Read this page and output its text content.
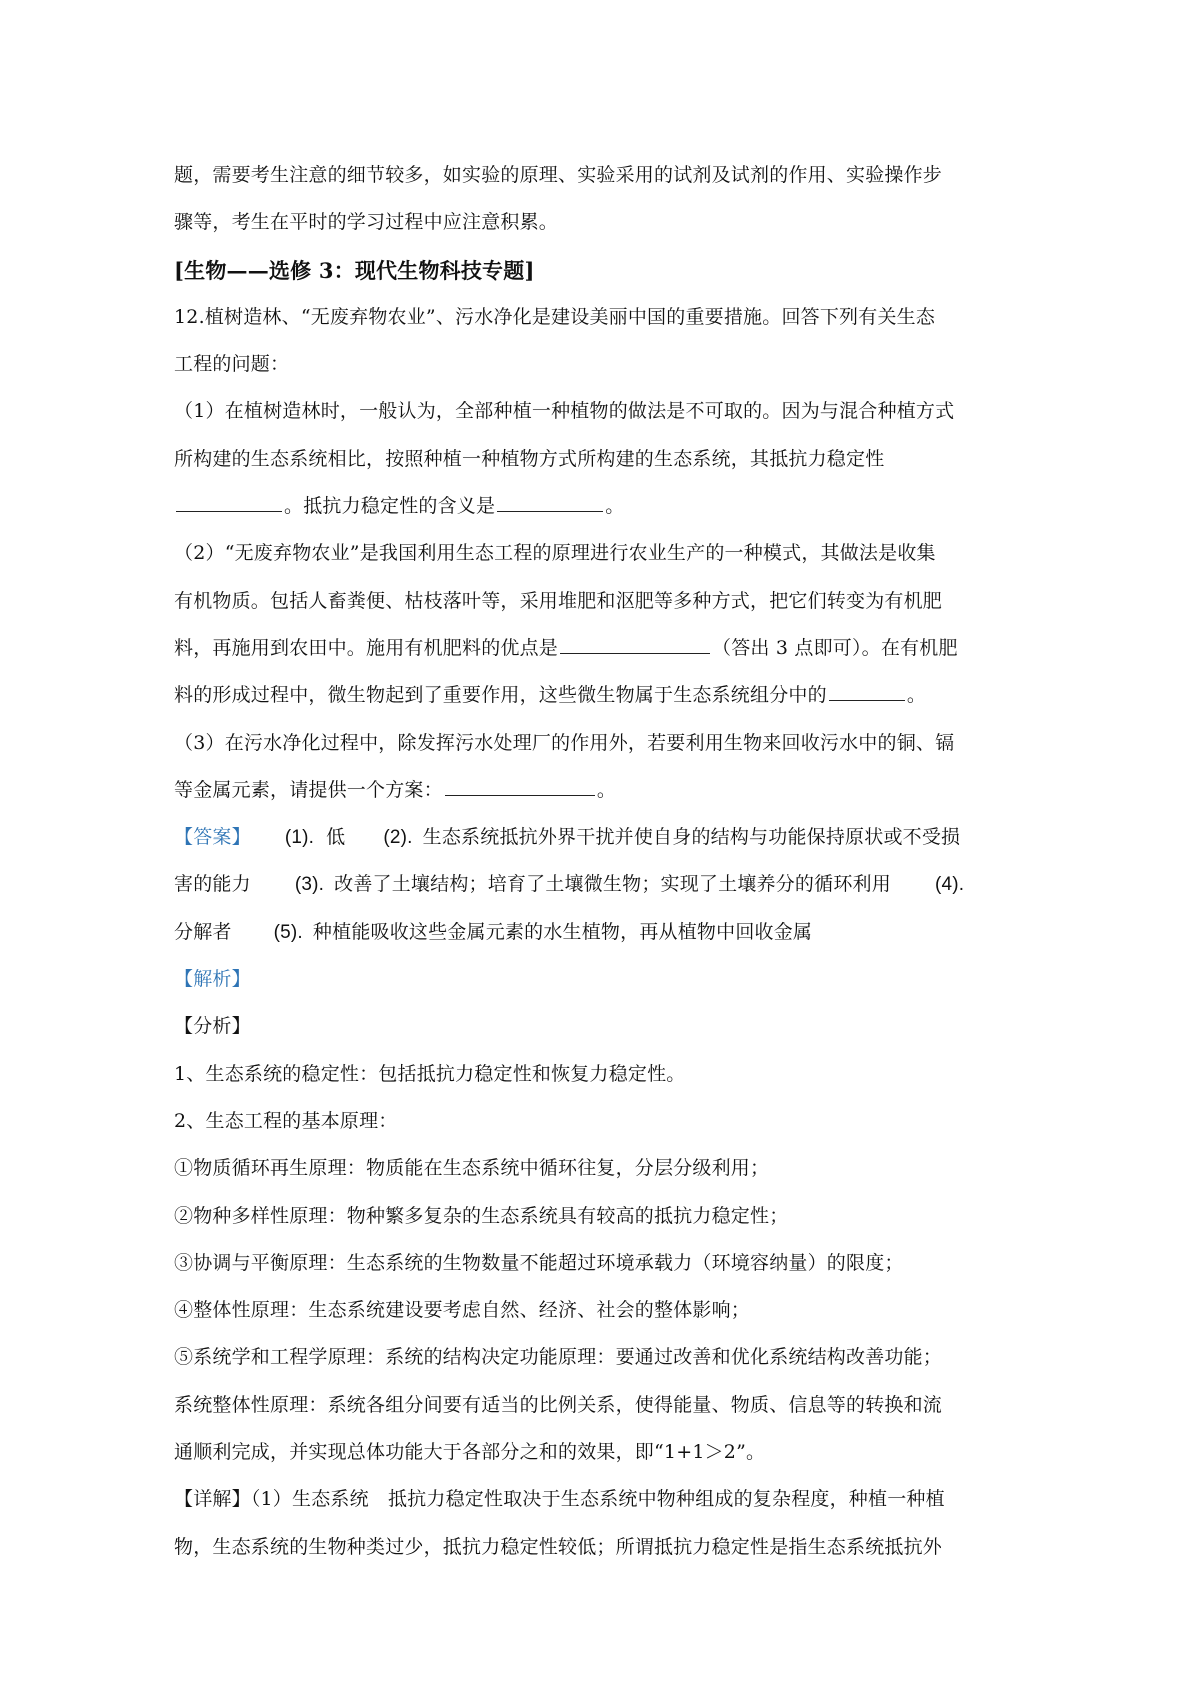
题，需要考生注意的细节较多，如实验的原理、实验采用的试剂及试剂的作用、实验操作步
骤等，考生在平时的学习过程中应注意积累。
[生物——选修 3：现代生物科技专题]
12.植树造林、“无废弃物农业”、污水净化是建设美丽中国的重要措施。回答下列有关生态
工程的问题：
（1）在植树造林时，一般认为，全部种植一种植物的做法是不可取的。因为与混合种植方式
所构建的生态系统相比，按照种植一种植物方式所构建的生态系统，其抵抗力稳定性
。抵抗力稳定性的含义是	。
（2）“无废弃物农业”是我国利用生态工程的原理进行农业生产的一种模式，其做法是收集
有机物质。包括人畜粪便、枯枝落叶等，采用堆肥和沤肥等多种方式，把它们转变为有机肥
料，再施用到农田中。施用有机肥料的优点是	（答出 3 点即可）。在有机肥
料的形成过程中，微生物起到了重要作用，这些微生物属于生态系统组分中的	。
（3）在污水净化过程中，除发挥污水处理厂的作用外，若要利用生物来回收污水中的铜、镉
等金属元素，请提供一个方案：	。
【答案】 (1). 低 (2). 生态系统抵抗外界干扰并使自身的结构与功能保持原状或不受损
害的能力 (3). 改善了土壤结构；培育了土壤微生物；实现了土壤养分的循环利用 (4).
分解者 (5). 种植能吸收这些金属元素的水生植物，再从植物中回收金属
【解析】
【分析】
1、生态系统的稳定性：包括抵抗力稳定性和恢复力稳定性。
2、生态工程的基本原理：
①物质循环再生原理：物质能在生态系统中循环往复，分层分级利用；
②物种多样性原理：物种繁多复杂的生态系统具有较高的抵抗力稳定性；
③协调与平衡原理：生态系统的生物数量不能超过环境承载力（环境容纳量）的限度；
④整体性原理：生态系统建设要考虑自然、经济、社会的整体影响；
⑤系统学和工程学原理：系统的结构决定功能原理：要通过改善和优化系统结构改善功能；
系统整体性原理：系统各组分间要有适当的比例关系，使得能量、物质、信息等的转换和流
通顺利完成，并实现总体功能大于各部分之和的效果，即“1+1＞2”。
【详解】（1）生态系统　抵抗力稳定性取决于生态系统中物种组成的复杂程度，种植一种植
物，生态系统的生物种类过少，抵抗力稳定性较低；所谓抵抗力稳定性是指生态系统抵抗外
